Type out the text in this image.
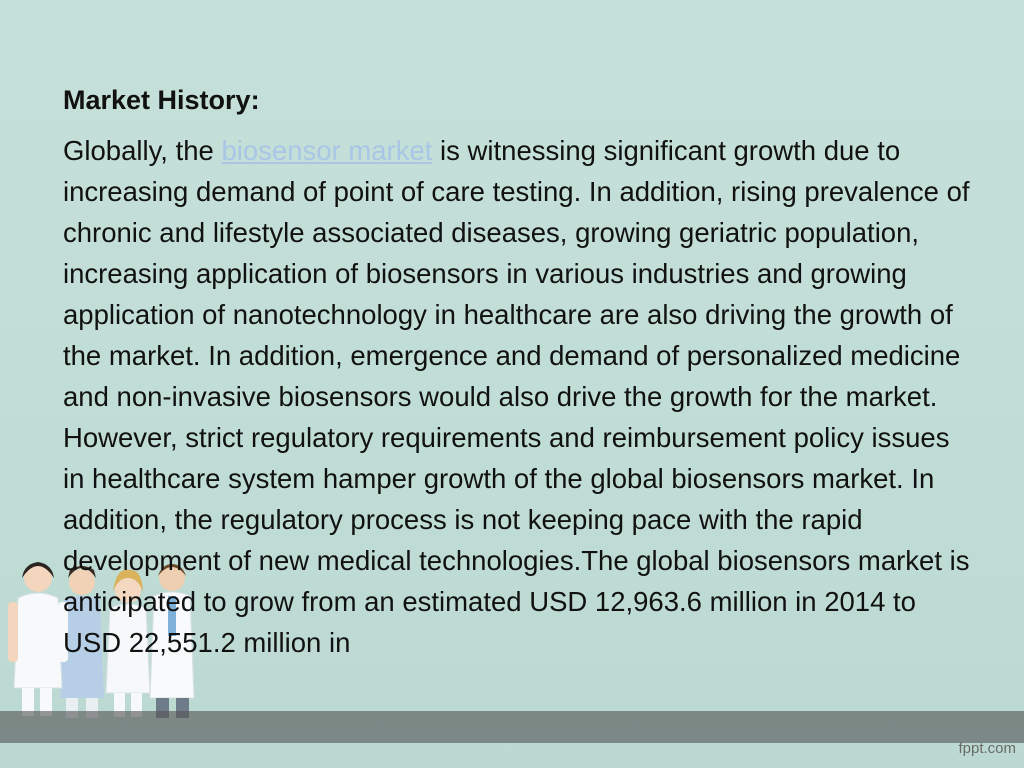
Market History:

Globally, the biosensor market is witnessing significant growth due to increasing demand of point of care testing. In addition, rising prevalence of chronic and lifestyle associated diseases, growing geriatric population, increasing application of biosensors in various industries and growing application of nanotechnology in healthcare are also driving the growth of the market. In addition, emergence and demand of personalized medicine and non-invasive biosensors would also drive the growth for the market. However, strict regulatory requirements and reimbursement policy issues in healthcare system hamper growth of the global biosensors market. In addition, the regulatory process is not keeping pace with the rapid development of new medical technologies.The global biosensors market is anticipated to grow from an estimated USD 12,963.6 million in 2014 to USD 22,551.2 million in

fppt.com
